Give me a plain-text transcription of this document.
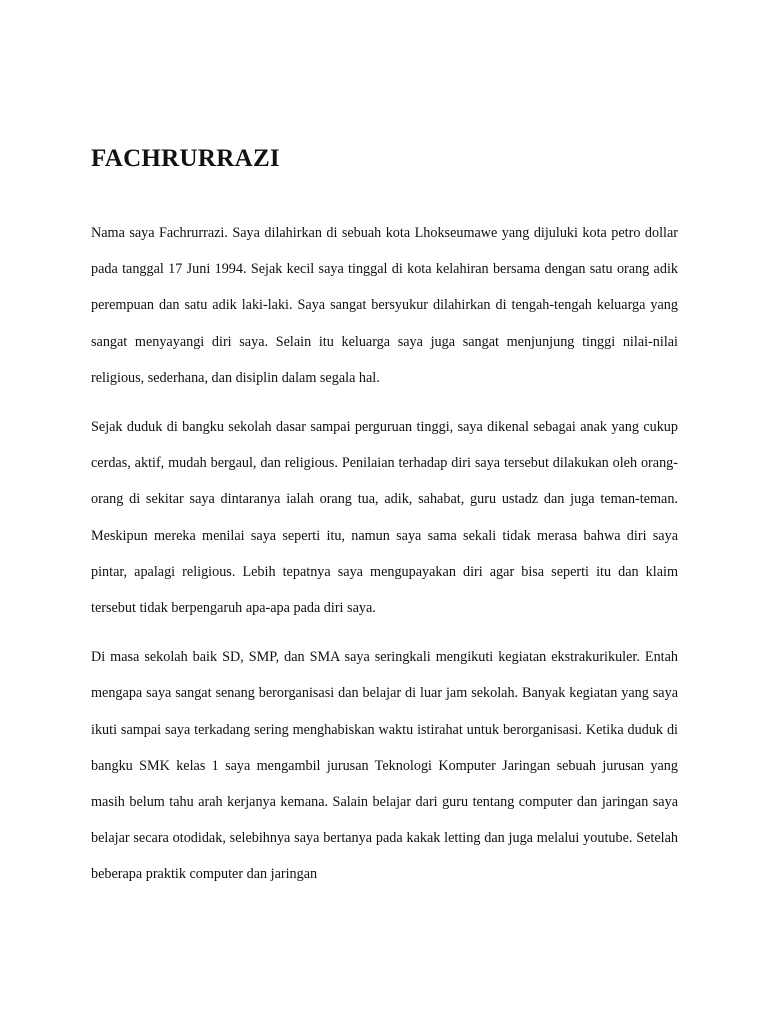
FACHRURRAZI

Nama saya Fachrurrazi. Saya dilahirkan di sebuah kota Lhokseumawe yang dijuluki kota petro dollar pada tanggal 17 Juni 1994. Sejak kecil saya tinggal di kota kelahiran bersama dengan satu orang adik perempuan dan satu adik laki-laki. Saya sangat bersyukur dilahirkan di tengah-tengah keluarga yang sangat menyayangi diri saya. Selain itu keluarga saya juga sangat menjunjung tinggi nilai-nilai religious, sederhana, dan disiplin dalam segala hal.

Sejak duduk di bangku sekolah dasar sampai perguruan tinggi, saya dikenal sebagai anak yang cukup cerdas, aktif, mudah bergaul, dan religious. Penilaian terhadap diri saya tersebut dilakukan oleh orang-orang di sekitar saya dintaranya ialah orang tua, adik, sahabat, guru ustadz dan juga teman-teman. Meskipun mereka menilai saya seperti itu, namun saya sama sekali tidak merasa bahwa diri saya pintar, apalagi religious. Lebih tepatnya saya mengupayakan diri agar bisa seperti itu dan klaim tersebut tidak berpengaruh apa-apa pada diri saya.

Di masa sekolah baik SD, SMP, dan SMA saya seringkali mengikuti kegiatan ekstrakurikuler. Entah mengapa saya sangat senang berorganisasi dan belajar di luar jam sekolah. Banyak kegiatan yang saya ikuti sampai saya terkadang sering menghabiskan waktu istirahat untuk berorganisasi. Ketika duduk di bangku SMK kelas 1 saya mengambil jurusan Teknologi Komputer Jaringan sebuah jurusan yang masih belum tahu arah kerjanya kemana. Salain belajar dari guru tentang computer dan jaringan saya belajar secara otodidak, selebihnya saya bertanya pada kakak letting dan juga melalui youtube. Setelah beberapa praktik computer dan jaringan
